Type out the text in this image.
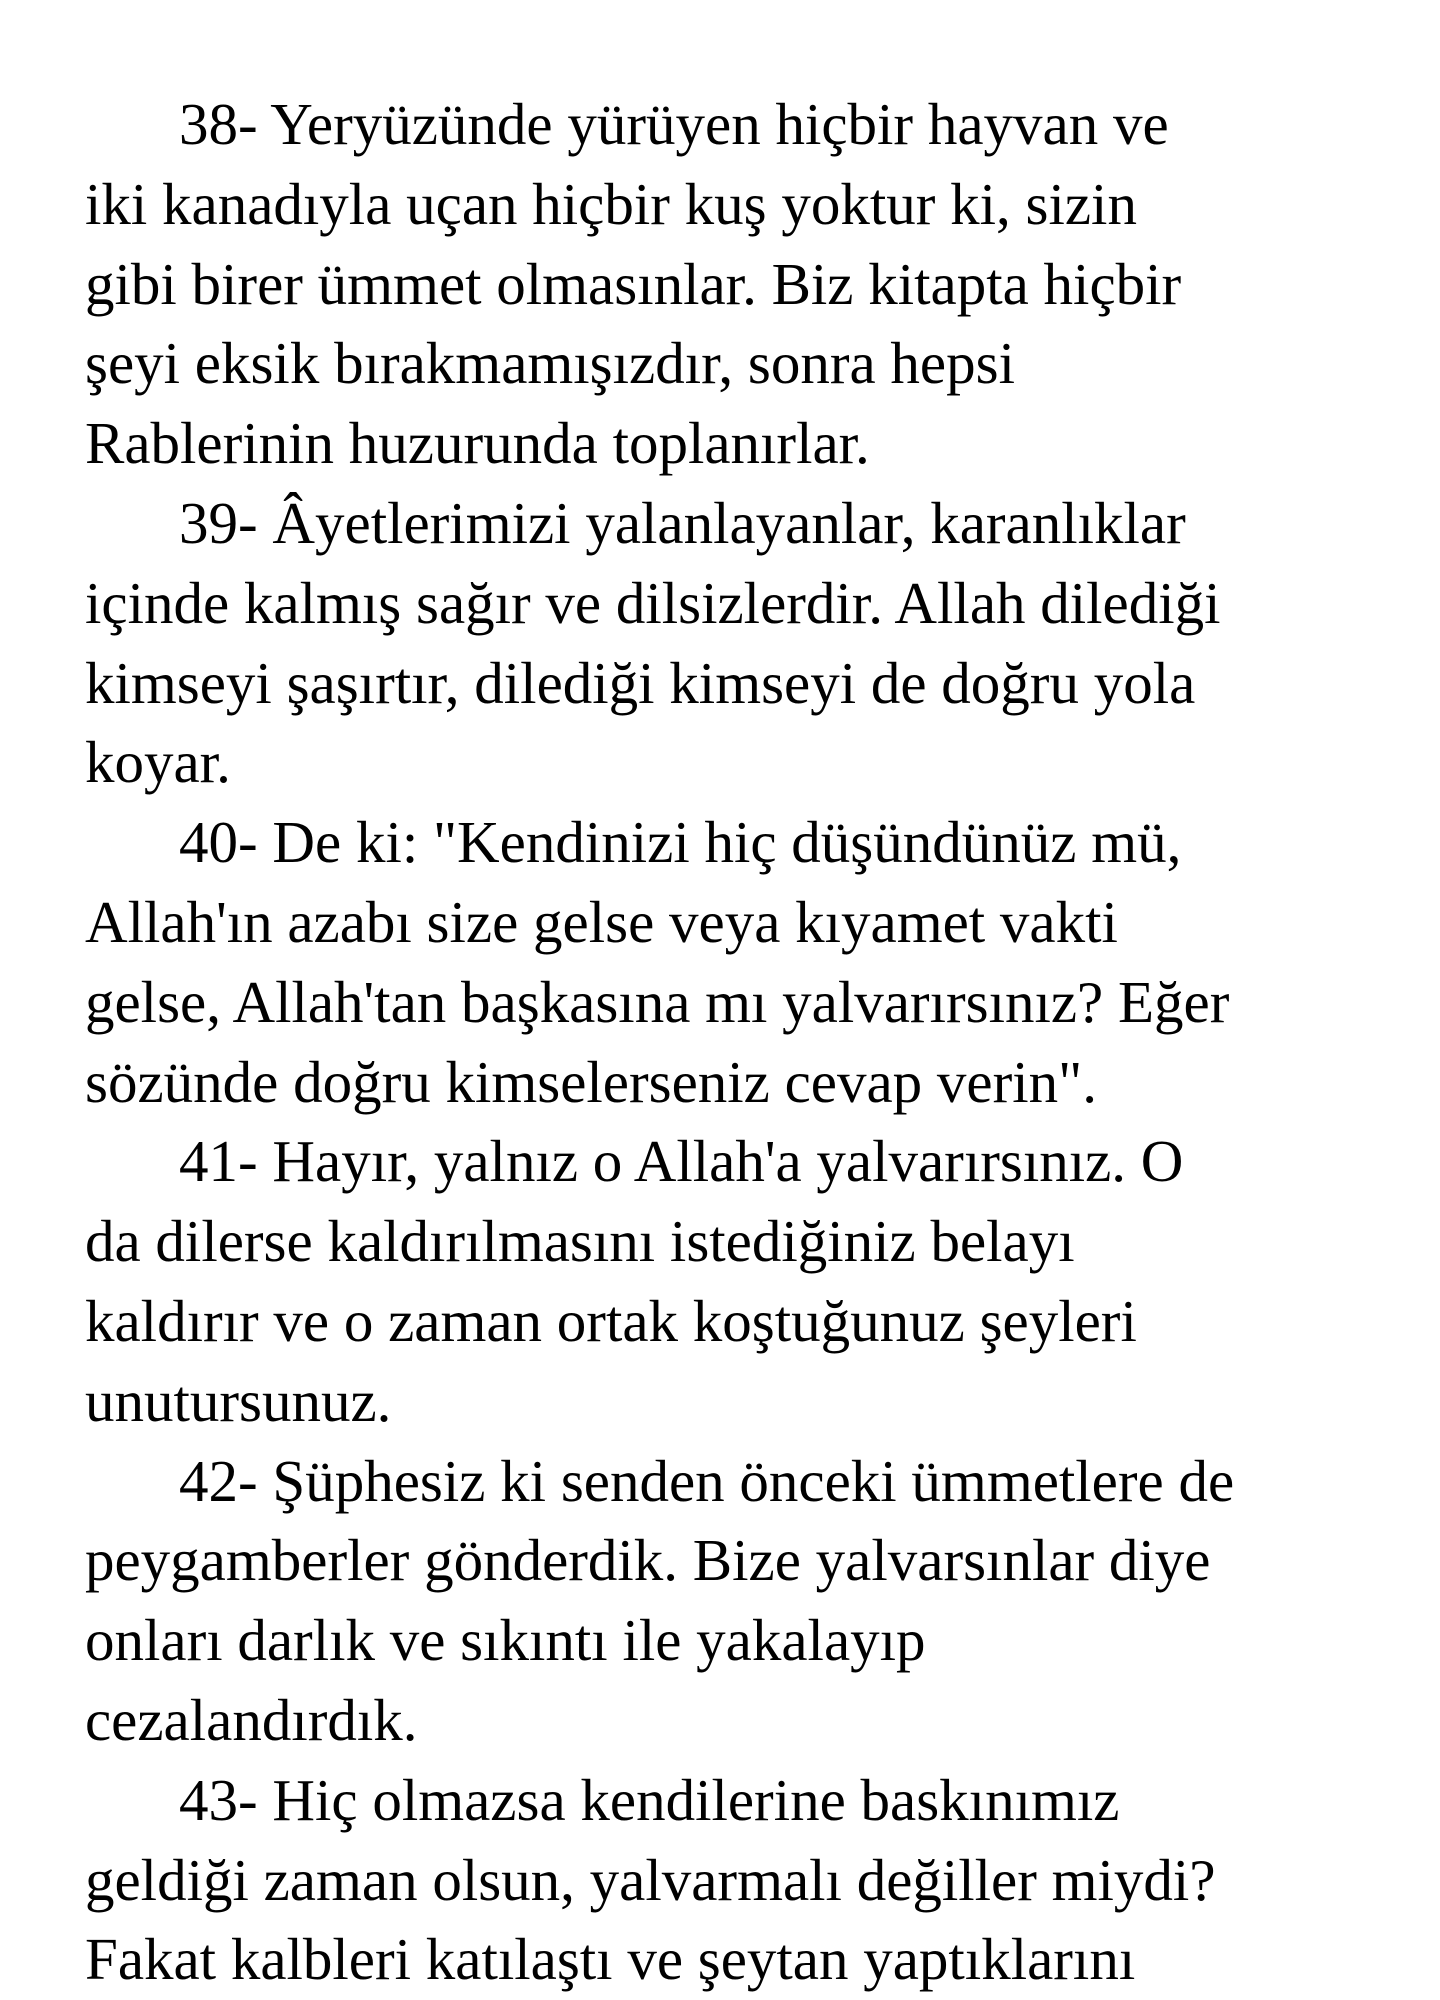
38- Yeryüzünde yürüyen hiçbir hayvan ve
iki kanadıyla uçan hiçbir kuş yoktur ki, sizin
gibi birer ümmet olmasınlar. Biz kitapta hiçbir
şeyi eksik bırakmamışızdır, sonra hepsi
Rablerinin huzurunda toplanırlar.

39- Âyetlerimizi yalanlayanlar, karanlıklar
içinde kalmış sağır ve dilsizlerdir. Allah dilediği
kimseyi şaşırtır, dilediği kimseyi de doğru yola
koyar.

40- De ki: "Kendinizi hiç düşündünüz mü,
Allah'ın azabı size gelse veya kıyamet vakti
gelse, Allah'tan başkasına mı yalvarırsınız? Eğer
sözünde doğru kimselerseniz cevap verin".

41- Hayır, yalnız o Allah'a yalvarırsınız. O
da dilerse kaldırılmasını istediğiniz belayı
kaldırır ve o zaman ortak koştuğunuz şeyleri
unutursunuz.

42- Şüphesiz ki senden önceki ümmetlere de
peygamberler gönderdik. Bize yalvarsınlar diye
onları darlık ve sıkıntı ile yakalayıp
cezalandırdık.

43- Hiç olmazsa kendilerine baskınımız
geldiği zaman olsun, yalvarmalı değiller miydi?
Fakat kalbleri katılaştı ve şeytan yaptıklarını
